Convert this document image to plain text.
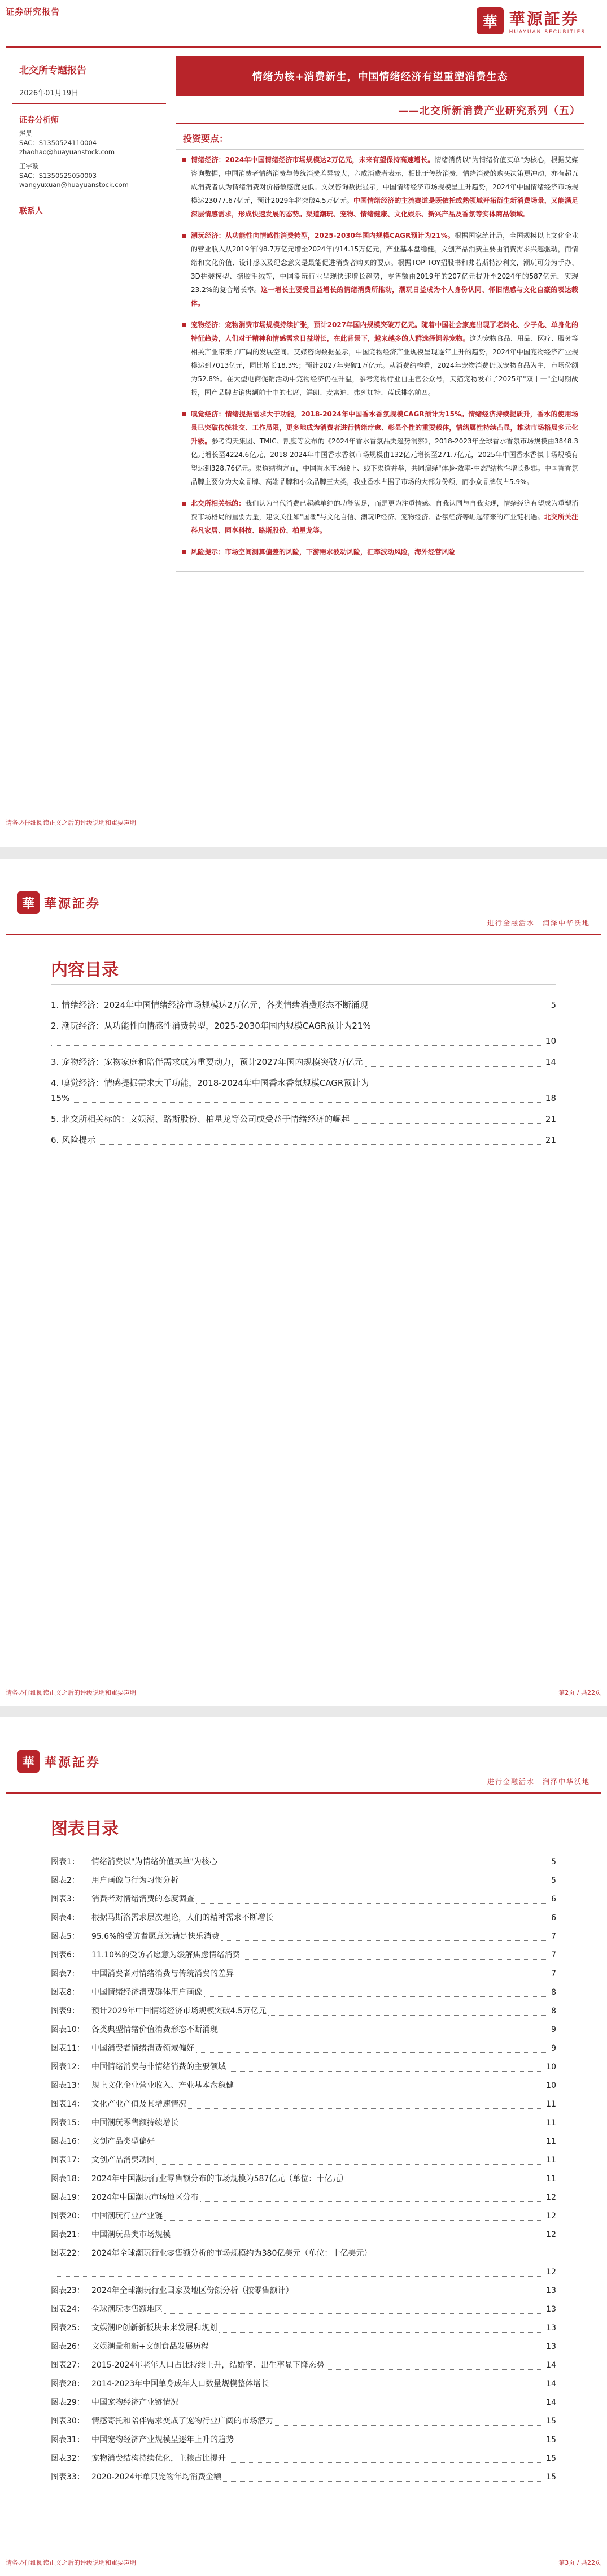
证券研究报告
華 華源証券
HUAYUAN SECURITIES
北交所专题报告
2026年01月19日
证券分析师
赵昊
SAC：S1350524110004
zhaohao@huayuanstock.com
王宇璇
SAC：S1350525050003
wangyuxuan@huayuanstock.com
联系人
情绪为核+消费新生，中国情绪经济有望重塑消费生态
——北交所新消费产业研究系列（五）
投资要点：
情绪经济：2024年中国情绪经济市场规模达2万亿元，未来有望保持高速增长。情绪消费以"为情绪价值买单"为核心，根据艾媒咨询数据，中国消费者情绪消费与传统消费差异较大，六成消费者表示，相比于传统消费，情绪消费的购买决策更冲动，亦有超五成消费者认为情绪消费对价格敏感度更低。文娱咨询数据显示，中国情绪经济市场规模呈上升趋势，2024年中国情绪经济市场规模达23077.67亿元，预计2029年将突破4.5万亿元。中国情绪经济的主流赛道是既依托成熟领域开拓衍生新消费场景，又能满足深层情感需求，形成快速发展的态势。渠道潮玩、宠物、情绪健康、文化娱乐、新兴产品及香氛等实体商品领域。
潮玩经济：从功能性向情感性消费转型，2025-2030年国内规模CAGR预计为21%。根据国家统计局，全国规模以上文化企业的营业收入从2019年的8.7万亿元增至2024年的14.15万亿元，产业基本盘稳健。文创产品消费主要由消费需求兴趣驱动，而情绪和文化价值、设计感以及纪念意义是最能促进消费者购买的要点。根据TOP TOY招股书和弗若斯特沙利文，潮玩可分为手办、3D拼装模型、搪胶毛绒等，中国潮玩行业呈现快速增长趋势，零售额由2019年的207亿元提升至2024年的587亿元，实现23.2%的复合增长率。这一增长主要受目益增长的情绪消费所推动，潮玩日益成为个人身份认同、怀旧情感与文化自豪的表达载体。
宠物经济：宠物消费市场规模持续扩张，预计2027年国内规模突破万亿元。随着中国社会家庭出现了老龄化、少子化、单身化的特征趋势，人们对于精神和情感需求日益增长，在此背景下，越来越多的人群选择饲养宠物。这为宠物食品、用品、医疗、服务等相关产业带来了广阔的发展空间。艾媒咨询数据显示，中国宠物经济产业规模呈现逐年上升的趋势，2024年中国宠物经济产业规模达到7013亿元，同比增长18.3%；预计2027年突破1万亿元。从消费结构看，2024年宠物消费仍以宠物食品为主，市场份额为52.8%。在大型电商促销活动中宠物经济仍在升温，参考宠物行业自主官公众号，天猫宠物发布了2025年"双十一"全周期战报，国产品牌占销售额前十中的七席，鲜朗、麦富迪、弗列加特、蓝氏排名前四。
嗅觉经济：情绪提振需求大于功能，2018-2024年中国香水香氛规模CAGR预计为15%。情绪经济持续提质升，香水的使用场景已突破传统社交、工作局限，更多地成为消费者进行情绪疗愈、彰显个性的重要载体，情绪属性持续凸显，推动市场格局多元化升级。参考淘天集团、TMIC、凯度等发布的《2024年香水香氛品类趋势洞察》，2018-2023年全球香水香氛市场规模由3848.3亿元增长至4224.6亿元，2018-2024年中国香水香氛市场规模由132亿元增长至271.7亿元，2025年中国香水香氛市场规模有望达到328.76亿元。渠道结构方面，中国香水市场线上、线下渠道并举，共同演绎"体验-效率-生态"结构性增长逻辑。中国香香氛品牌主要分为大众品牌、高端品牌和小众品牌三大类，我业香水占据了市场的大部分份额，而小众品牌仅占5.9%。
北交所相关标的：我们认为当代消费已超越单纯的功能满足，而是更为注重情感、自我认同与自我实现，情绪经济有望成为重塑消费市场格局的重要力量，建议关注如"国潮"与文化自信、潮玩IP经济、宠物经济、香氛经济等崛起带来的产业链机遇。北交所关注科凡家居、同享科技、路斯股份、柏星龙等。
风险提示：市场空间测算偏差的风险，下游需求波动风险，汇率波动风险，海外经营风险
请务必仔细阅读正文之后的评级说明和重要声明
華 華源証券
进行金融活水　润泽中华沃地
内容目录
1. 情绪经济：2024年中国情绪经济市场规模达2万亿元，各类情绪消费形态不断涌现	5
2. 潮玩经济：从功能性向情感性消费转型，2025-2030年国内规模CAGR预计为21%
10
3. 宠物经济：宠物家庭和陪伴需求成为重要动力，预计2027年国内规模突破万亿元	14
4. 嗅觉经济：情感提振需求大于功能，2018-2024年中国香水香氛规模CAGR预计为
15%	18
5. 北交所相关标的：文娱潮、路斯股份、柏星龙等公司或受益于情绪经济的崛起	21
6. 风险提示	21
请务必仔细阅读正文之后的评级说明和重要声明	第2页 / 共22页
華 華源証券
进行金融活水　润泽中华沃地
图表目录
图表1：	情绪消费以"为情绪价值买单"为核心	5
图表2：	用户画像与行为习惯分析	5
图表3：	消费者对情绪消费的态度调查	6
图表4：	根据马斯洛需求层次理论，人们的精神需求不断增长	6
图表5：	95.6%的受访者愿意为满足快乐消费	7
图表6：	11.10%的受访者愿意为缓解焦虑情绪消费	7
图表7：	中国消费者对情绪消费与传统消费的差异	7
图表8：	中国情绪经济消费群体用户画像	8
图表9：	预计2029年中国情绪经济市场规模突破4.5万亿元	8
图表10： 各类典型情绪价值消费形态不断涌现	9
图表11： 中国消费者情绪消费领域偏好	9
图表12： 中国情绪消费与非情绪消费的主要领域	10
图表13： 规上文化企业营业收入、产业基本盘稳健	10
图表14： 文化产业产值及其增速情况	11
图表15： 中国潮玩零售额持续增长	11
图表16： 文创产品类型偏好	11
图表17： 文创产品消费动因	11
图表18： 2024年中国潮玩行业零售额分布的市场规模为587亿元（单位：十亿元）	11
图表19： 2024年中国潮玩市场地区分布	12
图表20： 中国潮玩行业产业链	12
图表21： 中国潮玩品类市场规模	12
图表22： 2024年全球潮玩行业零售额分析的市场规模约为380亿美元（单位：十亿美元）
12
图表23： 2024年全球潮玩行业国家及地区份额分析（按零售额计）	13
图表24： 全球潮玩零售额地区	13
图表25： 文娱潮IP创新新板块未来发展和规划	13
图表26： 文娱潮量和新+文创食品发展历程	13
图表27： 2015-2024年老年人口占比持续上升，结婚率、出生率显下降态势	14
图表28： 2014-2023年中国单身成年人口数量规模整体增长	14
图表29： 中国宠物经济产业链情况	14
图表30： 情感寄托和陪伴需求变成了宠物行业广阔的市场潜力	15
图表31： 中国宠物经济产业规模呈逐年上升的趋势	15
图表32： 宠物消费结构持续优化，主粮占比提升	15
图表33： 2020-2024年单只宠物年均消费金额	15
请务必仔细阅读正文之后的评级说明和重要声明	第3页 / 共22页
